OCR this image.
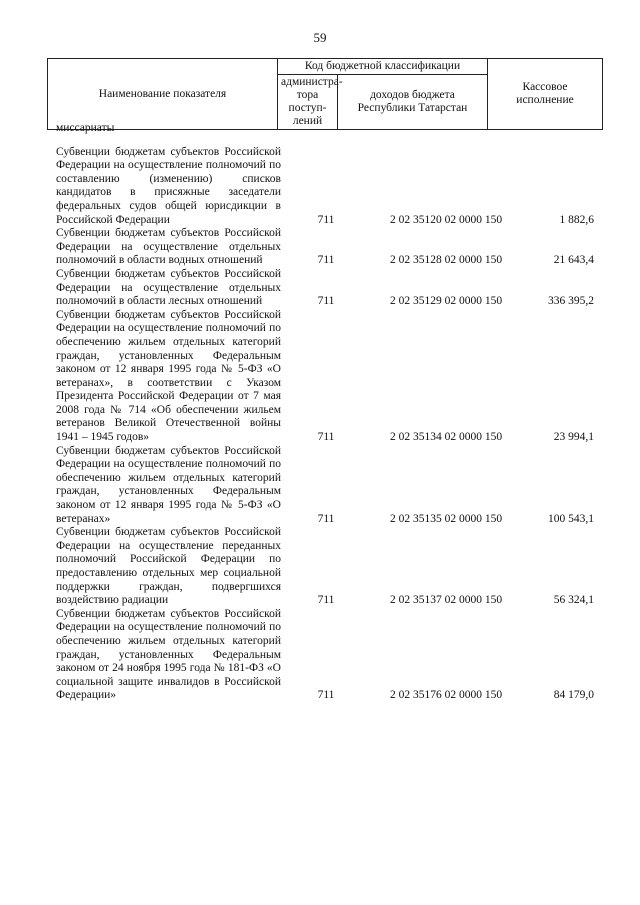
59
Наименование показателя	Код бюджетной классификации		Кассовое
исполнение
	администра-
тора поступ-
лений	доходов бюджета
Республики Татарстан	
миссариаты
Субвенции бюджетам субъектов Российской Федерации на осуществление полномочий по составлению (изменению) списков кандидатов в присяжные заседатели федеральных судов общей юрисдикции в Российской Федерации	711	2 02 35120 02 0000 150	1 882,6
Субвенции бюджетам субъектов Российской Федерации на осуществление отдельных полномочий в области водных отношений	711	2 02 35128 02 0000 150	21 643,4
Субвенции бюджетам субъектов Российской Федерации на осуществление отдельных полномочий в области лесных отношений	711	2 02 35129 02 0000 150	336 395,2
Субвенции бюджетам субъектов Российской Федерации на осуществление полномочий по обеспечению жильем отдельных категорий граждан, установленных Федеральным законом от 12 января 1995 года № 5-ФЗ «О ветеранах», в соответствии с Указом Президента Российской Федерации от 7 мая 2008 года № 714 «Об обеспечении жильем ветеранов Великой Отечественной войны 1941 – 1945 годов»	711	2 02 35134 02 0000 150	23 994,1
Субвенции бюджетам субъектов Российской Федерации на осуществление полномочий по обеспечению жильем отдельных категорий граждан, установленных Федеральным законом от 12 января 1995 года № 5-ФЗ «О ветеранах»	711	2 02 35135 02 0000 150	100 543,1
Субвенции бюджетам субъектов Российской Федерации на осуществление переданных полномочий Российской Федерации по предоставлению отдельных мер социальной поддержки граждан, подвергшихся воздействию радиации	711	2 02 35137 02 0000 150	56 324,1
Субвенции бюджетам субъектов Российской Федерации на осуществление полномочий по обеспечению жильем отдельных категорий граждан, установленных Федеральным законом от 24 ноября 1995 года № 181-ФЗ «О социальной защите инвалидов в Российской Федерации»	711	2 02 35176 02 0000 150	84 179,0
